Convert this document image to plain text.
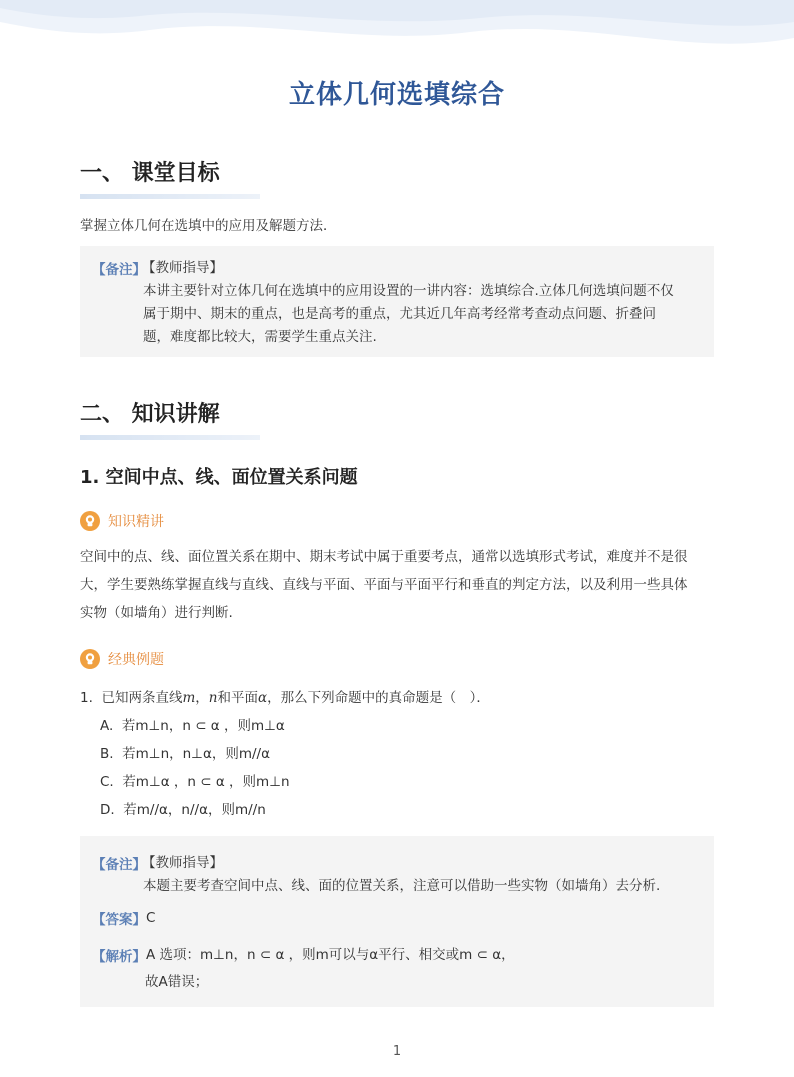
立体几何选填综合
一、 课堂目标

掌握立体几何在选填中的应用及解题方法．

【备注】
【教师指导】
本讲主要针对立体几何在选填中的应用设置的一讲内容：选填综合.立体几何选填问题不仅
属于期中、期末的重点，也是高考的重点，尤其近几年高考经常考查动点问题、折叠问
题，难度都比较大，需要学生重点关注.
二、 知识讲解
1. 空间中点、线、面位置关系问题
知识精讲

空间中的点、线、面位置关系在期中、期末考试中属于重要考点，通常以选填形式考试，难度并不是很

大，学生要熟练掌握直线与直线、直线与平面、平面与平面平行和垂直的判定方法，以及利用一些具体

实物（如墙角）进行判断.

经典例题
1. 已知两条直线m，n和平面α，那么下列命题中的真命题是（　）．
A. 若m⊥n，n ⊂ α ，则m⊥α
B. 若m⊥n，n⊥α，则m//α
C. 若m⊥α ，n ⊂ α ，则m⊥n
D. 若m//α，n//α，则m//n
【备注】
【教师指导】
本题主要考查空间中点、线、面的位置关系，注意可以借助一些实物（如墙角）去分析.
【答案】 C
【解析】 A 选项：m⊥n，n ⊂ α ，则m可以与α平行、相交或m ⊂ α，
故A错误；
1
